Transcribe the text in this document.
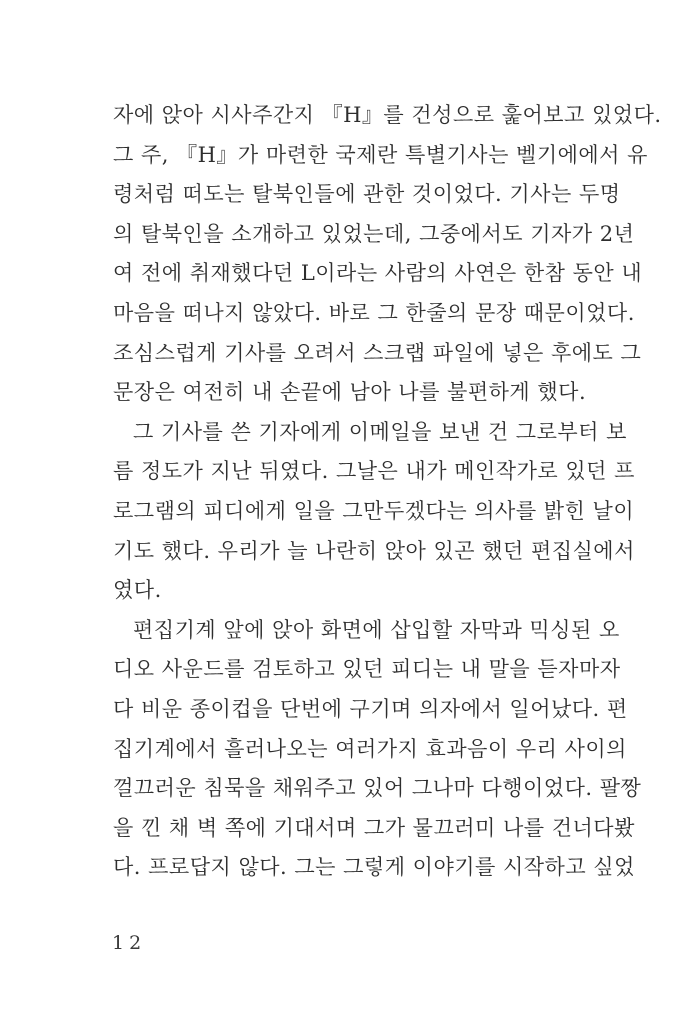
자에 앉아 시사주간지 『H』를 건성으로 훑어보고 있었다.
그 주, 『H』가 마련한 국제란 특별기사는 벨기에에서 유
령처럼 떠도는 탈북인들에 관한 것이었다. 기사는 두명
의 탈북인을 소개하고 있었는데, 그중에서도 기자가 2년
여 전에 취재했다던 L이라는 사람의 사연은 한참 동안 내
마음을 떠나지 않았다. 바로 그 한줄의 문장 때문이었다.
조심스럽게 기사를 오려서 스크랩 파일에 넣은 후에도 그
문장은 여전히 내 손끝에 남아 나를 불편하게 했다.
그 기사를 쓴 기자에게 이메일을 보낸 건 그로부터 보
름 정도가 지난 뒤였다. 그날은 내가 메인작가로 있던 프
로그램의 피디에게 일을 그만두겠다는 의사를 밝힌 날이
기도 했다. 우리가 늘 나란히 앉아 있곤 했던 편집실에서
였다.
편집기계 앞에 앉아 화면에 삽입할 자막과 믹싱된 오
디오 사운드를 검토하고 있던 피디는 내 말을 듣자마자
다 비운 종이컵을 단번에 구기며 의자에서 일어났다. 편
집기계에서 흘러나오는 여러가지 효과음이 우리 사이의
껄끄러운 침묵을 채워주고 있어 그나마 다행이었다. 팔짱
을 낀 채 벽 쪽에 기대서며 그가 물끄러미 나를 건너다봤
다. 프로답지 않다. 그는 그렇게 이야기를 시작하고 싶었
12
